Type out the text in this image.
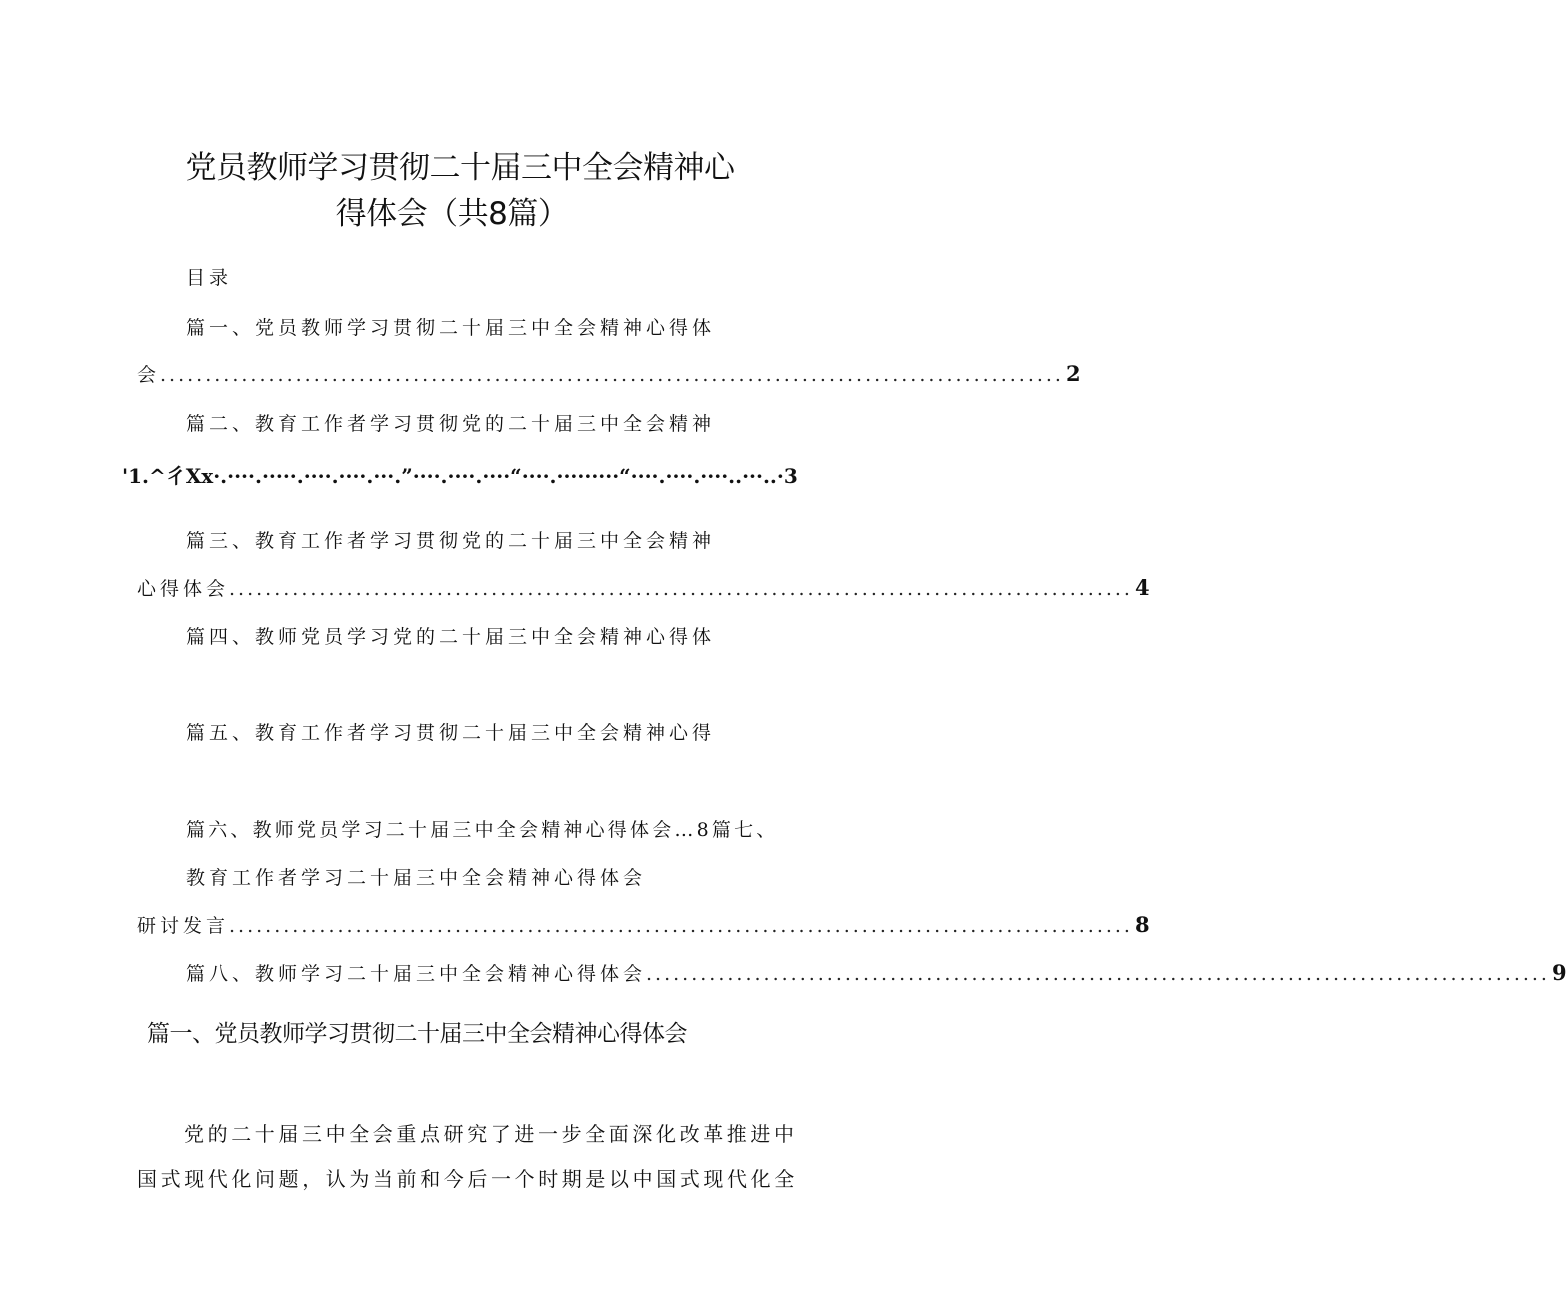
党员教师学习贯彻二十届三中全会精神心
得体会（共8篇）
目录
篇一、党员教师学习贯彻二十届三中全会精神心得体
会 .................................................................................................... 2
篇二、教育工作者学习贯彻党的二十届三中全会精神
'1.^彳Xx·.····.·····.····.····.···.”····.····.····“····.·········“····.····.····..···..·3
篇三、教育工作者学习贯彻党的二十届三中全会精神
心得体会 .................................................................................................... 4
篇四、教师党员学习党的二十届三中全会精神心得体
篇五、教育工作者学习贯彻二十届三中全会精神心得
篇六、教师党员学习二十届三中全会精神心得体会…8篇七、
教育工作者学习二十届三中全会精神心得体会
研讨发言 .................................................................................................... 8
篇八、教师学习二十届三中全会精神心得体会 .................................................................................................... 9
篇一、党员教师学习贯彻二十届三中全会精神心得体会
党的二十届三中全会重点研究了进一步全面深化改革推进中
国式现代化问题，认为当前和今后一个时期是以中国式现代化全
